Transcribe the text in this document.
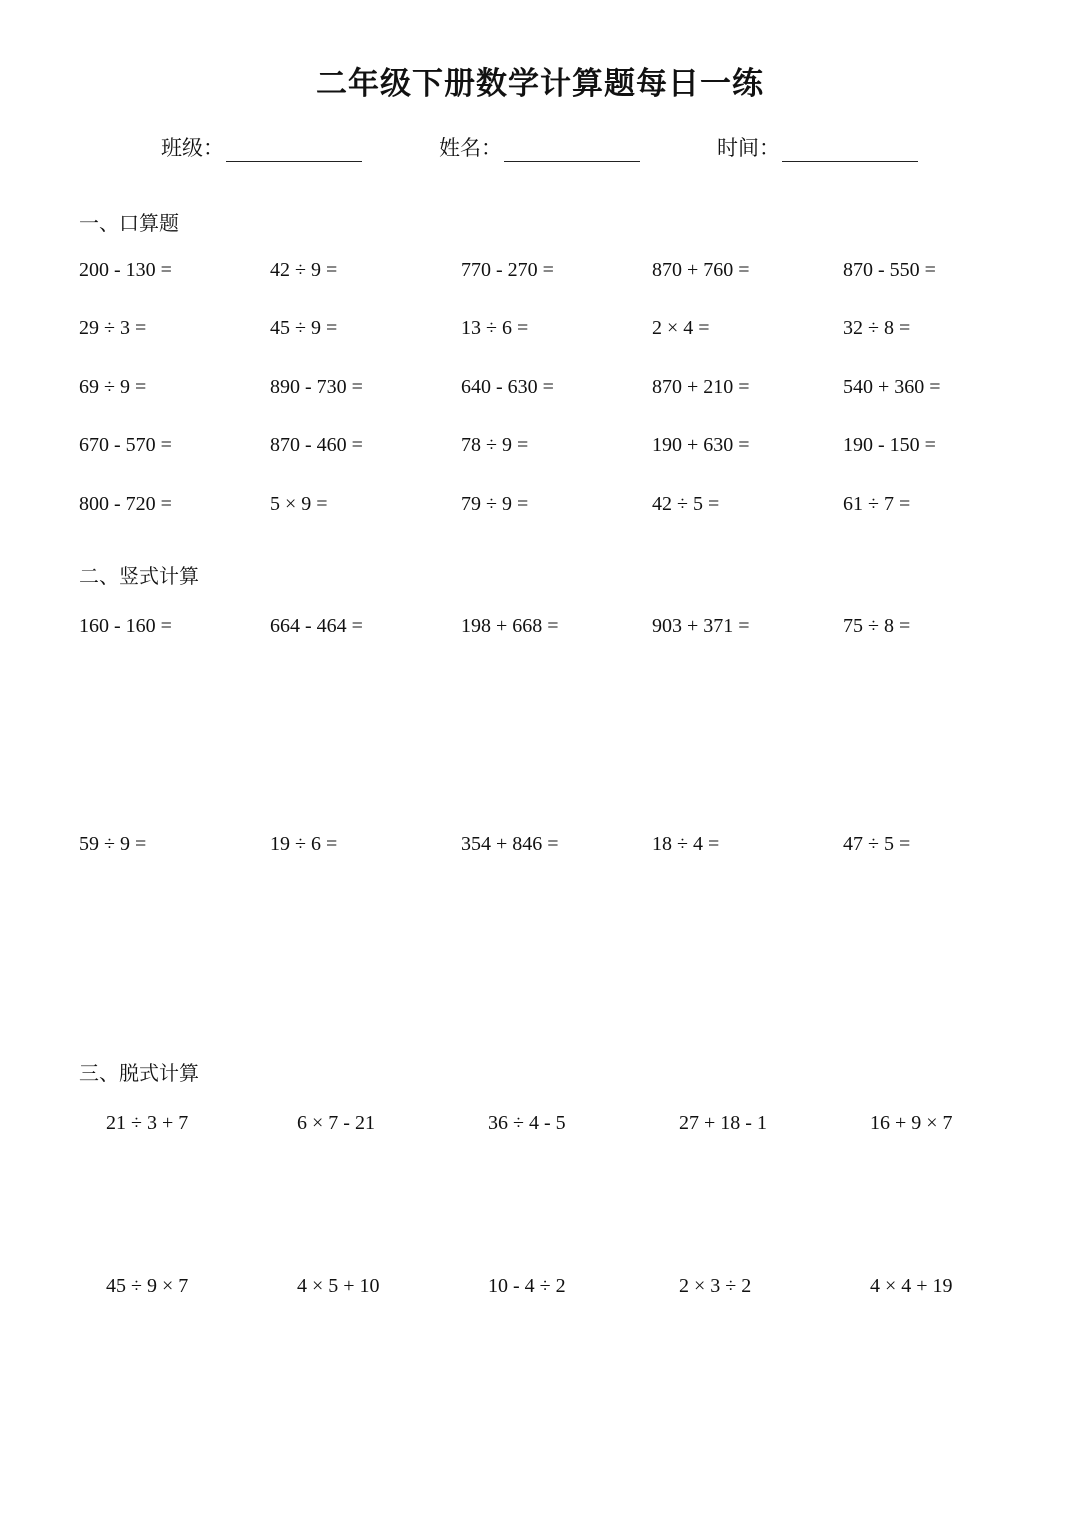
二年级下册数学计算题每日一练
班级：	姓名：	时间：
一、口算题
200 - 130 =	42 ÷ 9 =	770 - 270 =	870 + 760 =	870 - 550 =
29 ÷ 3 =	45 ÷ 9 =	13 ÷ 6 =	2 × 4 =	32 ÷ 8 =
69 ÷ 9 =	890 - 730 =	640 - 630 =	870 + 210 =	540 + 360 =
670 - 570 =	870 - 460 =	78 ÷ 9 =	190 + 630 =	190 - 150 =
800 - 720 =	5 × 9 =	79 ÷ 9 =	42 ÷ 5 =	61 ÷ 7 =
二、竖式计算
160 - 160 =	664 - 464 =	198 + 668 =	903 + 371 =	75 ÷ 8 =
59 ÷ 9 =	19 ÷ 6 =	354 + 846 =	18 ÷ 4 =	47 ÷ 5 =
三、脱式计算
21 ÷ 3 + 7	6 × 7 - 21	36 ÷ 4 - 5	27 + 18 - 1	16 + 9 × 7
45 ÷ 9 × 7	4 × 5 + 10	10 - 4 ÷ 2	2 × 3 ÷ 2	4 × 4 + 19
